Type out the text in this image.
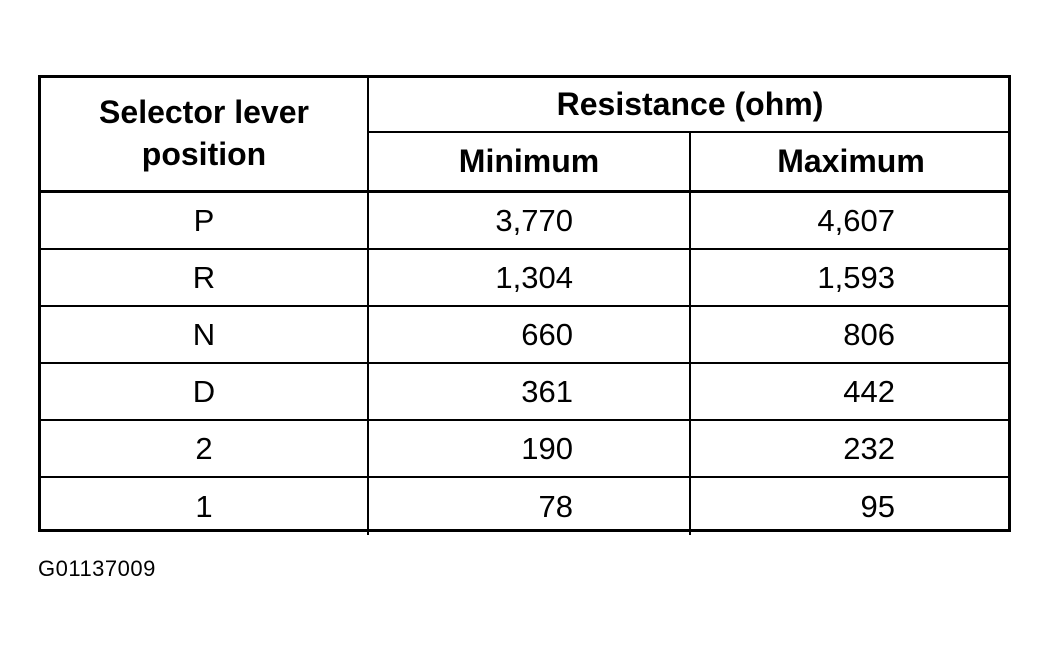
Selector lever
position
Resistance (ohm)
Minimum	Maximum
P	3,770	4,607
R	1,304	1,593
N	660	806
D	361	442
2	190	232
1	78	95
G01137009
